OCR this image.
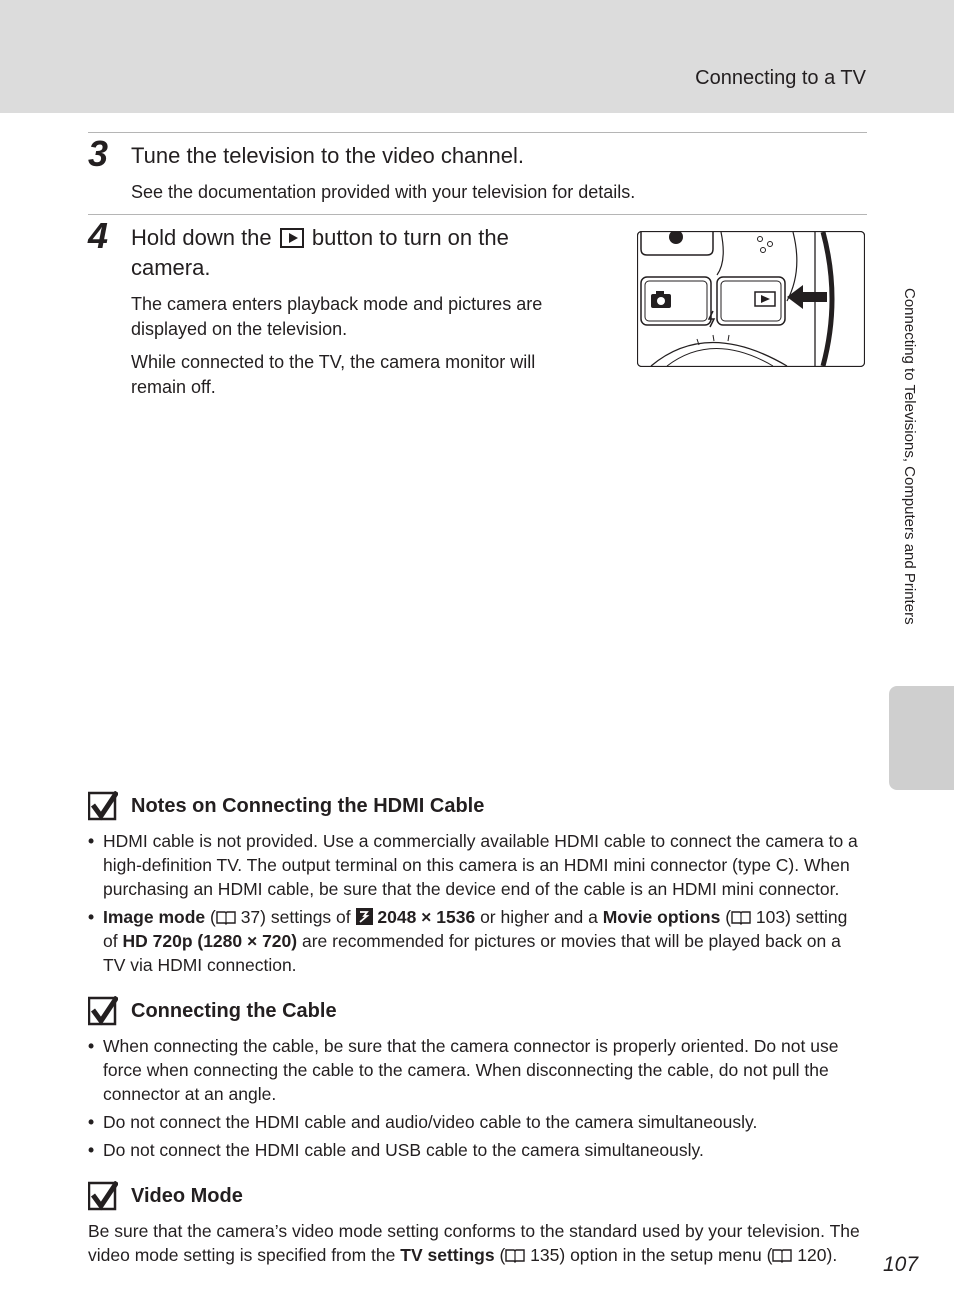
Connecting to a TV
Connecting to Televisions, Computers and Printers
3 Tune the television to the video channel.
See the documentation provided with your television for details.
4 Hold down the button to turn on the camera.
The camera enters playback mode and pictures are displayed on the television.
While connected to the TV, the camera monitor will remain off.
Notes on Connecting the HDMI Cable
• HDMI cable is not provided. Use a commercially available HDMI cable to connect the camera to a high-definition TV. The output terminal on this camera is an HDMI mini connector (type C). When purchasing an HDMI cable, be sure that the device end of the cable is an HDMI mini connector.
• Image mode ( 37) settings of 2048 × 1536 or higher and a Movie options ( 103) setting of HD 720p (1280 × 720) are recommended for pictures or movies that will be played back on a TV via HDMI connection.
Connecting the Cable
• When connecting the cable, be sure that the camera connector is properly oriented. Do not use force when connecting the cable to the camera. When disconnecting the cable, do not pull the connector at an angle.
• Do not connect the HDMI cable and audio/video cable to the camera simultaneously.
• Do not connect the HDMI cable and USB cable to the camera simultaneously.
Video Mode
Be sure that the camera’s video mode setting conforms to the standard used by your television. The video mode setting is specified from the TV settings ( 135) option in the setup menu ( 120).	107
